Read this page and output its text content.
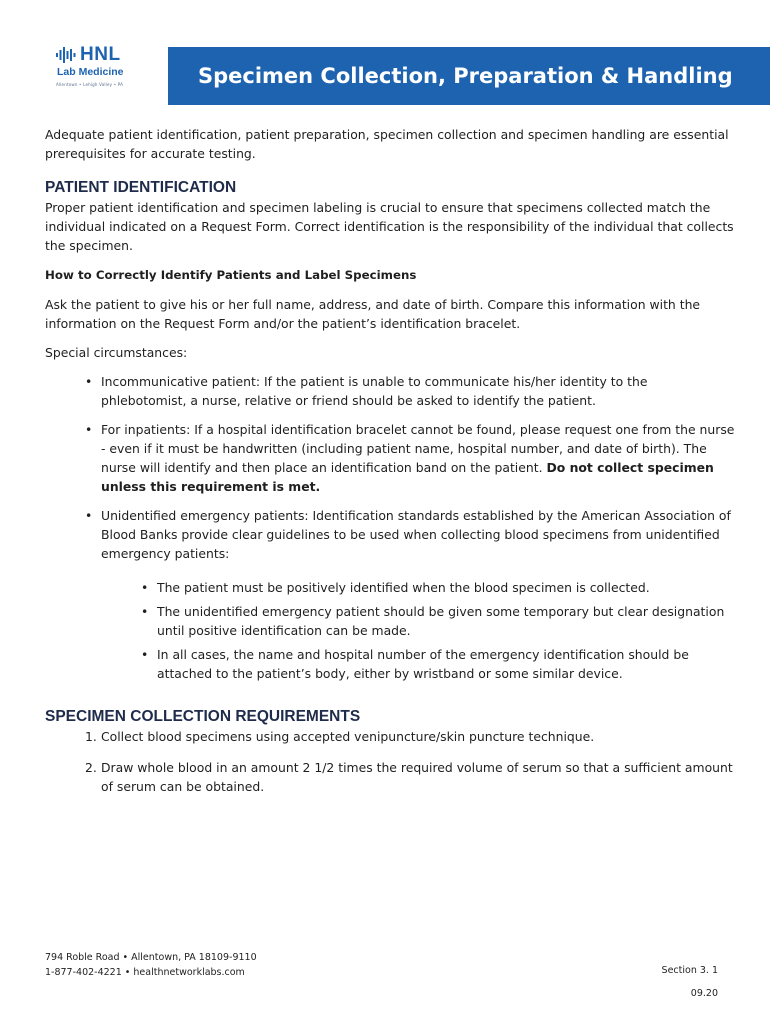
HNL
Lab Medicine
Allentown • Lehigh Valley • PA	Specimen Collection, Preparation & Handling

Adequate patient identification, patient preparation, specimen collection and specimen handling are essential prerequisites for accurate testing.

PATIENT IDENTIFICATION

Proper patient identification and specimen labeling is crucial to ensure that specimens collected match the individual indicated on a Request Form. Correct identification is the responsibility of the individual that collects the specimen.

How to Correctly Identify Patients and Label Specimens

Ask the patient to give his or her full name, address, and date of birth. Compare this information with the information on the Request Form and/or the patient’s identification bracelet.

Special circumstances:

• Incommunicative patient: If the patient is unable to communicate his/her identity to the phlebotomist, a nurse, relative or friend should be asked to identify the patient.
• For inpatients: If a hospital identification bracelet cannot be found, please request one from the nurse - even if it must be handwritten (including patient name, hospital number, and date of birth). The nurse will identify and then place an identification band on the patient. Do not collect specimen unless this requirement is met.
• Unidentified emergency patients: Identification standards established by the American Association of Blood Banks provide clear guidelines to be used when collecting blood specimens from unidentified emergency patients:
• The patient must be positively identified when the blood specimen is collected.
• The unidentified emergency patient should be given some temporary but clear designation until positive identification can be made.
• In all cases, the name and hospital number of the emergency identification should be attached to the patient’s body, either by wristband or some similar device.
SPECIMEN COLLECTION REQUIREMENTS
1. Collect blood specimens using accepted venipuncture/skin puncture technique.
2. Draw whole blood in an amount 2 1/2 times the required volume of serum so that a sufficient amount of serum can be obtained.
794 Roble Road • Allentown, PA 18109-9110
1-877-402-4221 • healthnetworklabs.com	Section 3. 1
09.20
